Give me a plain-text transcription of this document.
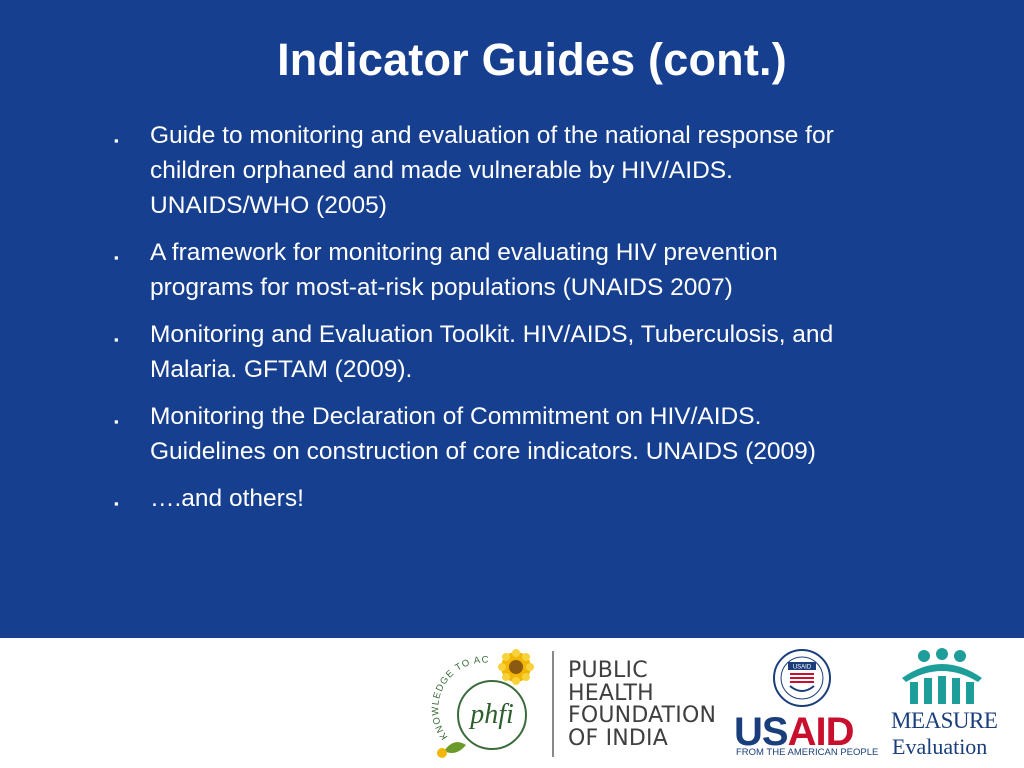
Indicator Guides (cont.)
▪ Guide to monitoring and evaluation of the national response for
children orphaned and made vulnerable by HIV/AIDS.
UNAIDS/WHO (2005)
▪ A framework for monitoring and evaluating HIV prevention
programs for most-at-risk populations (UNAIDS 2007)
▪ Monitoring and Evaluation Toolkit. HIV/AIDS, Tuberculosis, and
Malaria. GFTAM (2009).
▪ Monitoring the Declaration of Commitment on HIV/AIDS.
Guidelines on construction of core indicators. UNAIDS (2009)
▪ ….and others!
KNOWLEDGE TO AC
phfi
PUBLIC
HEALTH
FOUNDATION
OF INDIA
USAID
USAID
FROM THE AMERICAN PEOPLE
MEASURE
Evaluation
